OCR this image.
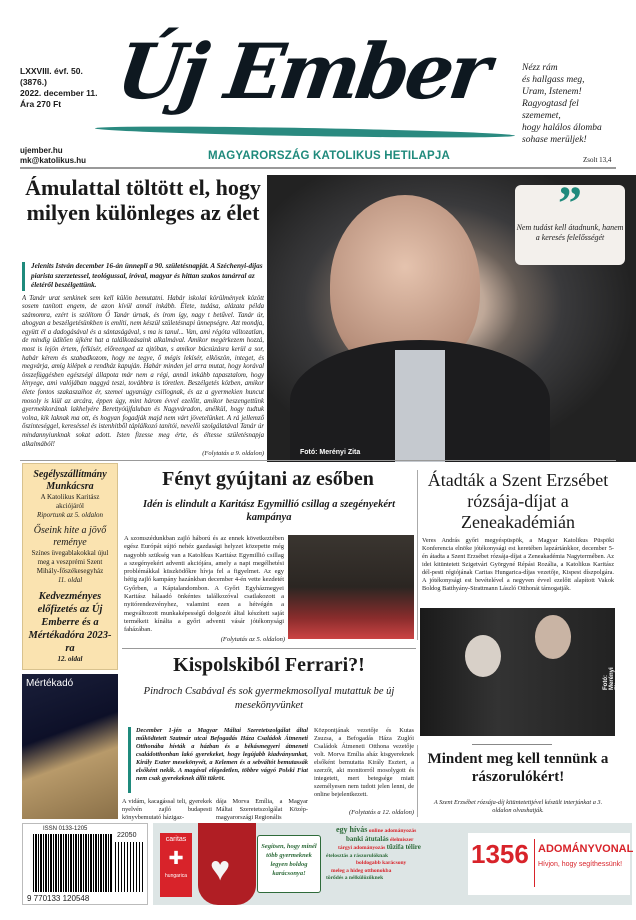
LXXVIII. évf. 50.
(3876.)
2022. december 11.
Ára 270 Ft
ujember.hu
mk@katolikus.hu
Új Ember
MAGYARORSZÁG KATOLIKUS HETILAPJA
Nézz rám
és hallgass meg,
Uram, Istenem!
Ragyogtasd fel
szememet,
hogy halálos álomba
sohase merüljek!
Zsolt 13,4
Ámulattal töltött el, hogy milyen különleges az élet	”
Nem tudást kell átadnunk, hanem a keresés felelősségét
Fotó: Merényi Zita
Jelenits István december 16-án ünnepli a 90. születésnapját. A Széchenyi-díjas piarista szerzetessel, teológussal, íróval, magyar és hittan szakos tanárral az életéről beszélgettünk.
A Tanár urat senkinek sem kell külön bemutatni. Habár iskolai körülmények között sosem tanított engem, de azon kívül annál inkább. Élete, tudása, alázata példa számomra, ezért is szólítom Ő Tanár úrnak, és írom így, nagy t betűvel. Tanár úr, ahogyan a beszélgetésünkben is említi, nem készül születésnapi ünnepségre. Azt mondja, együtt él a dadogásával és a sántaságával, s ma is tanul... Van, ami régóta változatlan, de mindig üdítően újként hat a találkozásaink alkalmával. Amikor megérkezem hozzá, most is lejön értem, felkísér, előreenged az ajtóban, s amikor búcsúzásra kerül a sor, habár kérem és szabadkozom, hogy ne tegye, ő mégis lekísér, elköszön, integet, és megvárja, amíg kilépek a rendház kapuján. Habár minden jel arra mutat, hogy korával összefüggésben egészségi állapota már nem a régi, annál inkább tapasztalom, hogy lényege, ami valójában naggyá teszi, továbbra is töretlen. Beszélgetés közben, amikor élete fontos szakaszaihoz ér, szemei ugyanúgy csillognak, és az a gyermekien huncut mosoly is kiül az arcára, éppen úgy, mint három évvel ezelőtt, amikor beszengettünk gyermekkorának lakhelyére Berettyóújfaluban és Nagyváradon, anélkül, hogy tudtuk volna, kik laknak ma ott, és hogyan fogadják majd nem várt jövetelünket. A rá jellemző őszinteséggel, kereséssel és istenhitből táplálkozó tanítói, nevelői szolgálatával Tanár úr mindannyiunknak sokat adott. Isten fizesse meg érte, és éltesse születésnapja alkalmából!
(Folytatás a 9. oldalon)
Segélyszállítmány Munkácsra
A Katolikus Karitász akciójáról
Riportunk az 5. oldalon
Őseink hite a jövő reménye
Színes üvegablakokkal újul meg a veszprémi Szent Mihály-főszékesegyház
11. oldal
Kedvezményes előfizetés az Új Emberre és a Mértékadóra 2023-ra
12. oldal
Mértékadó
Fényt gyújtani az esőben
Idén is elindult a Karitász Egymillió csillag a szegényekért kampánya
A szomszédunkban zajló háború és az ennek következtében egész Európát sújtó nehéz gazdasági helyzet közepette még nagyobb szükség van a Katolikus Karitász Egymillió csillag a szegényekért adventi akciójára, amely a napi megélhetési problémákkal küszködőkre hívja fel a figyelmet. Az egy hétig zajló kampány hazánkban december 4-én vette kezdetét Győrben, a Káptalandombon. A Győri Egyházmegyei Karitász hálaadó önkéntes találkozóval csatlakozott a nyitórendezvényhez, valamint ezen a hétvégén a megváltozott munkaképességű dolgozói által készített saját termékeit kínálta a győri adventi vásár jótékonysági faházában.
(Folytatás az 5. oldalon)
Átadták a Szent Erzsébet rózsája-díjat a Zeneakadémián
Veres András győri megyéspüspök, a Magyar Katolikus Püspöki Konferencia elnöke jótékonysági est keretében lapzártánkkor, december 5-én átadta a Szent Erzsébet rózsája-díjat a Zeneakadémia Nagytermében. Az idei kitüntetett Szigetvári Györgyné Répási Rozália, a Katolikus Karitász dél-pesti régiójának Caritas Hungarica-díjas vezetője, Kispest díszpolgára. A jótékonysági est bevételével a negyven évvel ezelőtt alapított Vakok Boldog Batthyány-Strattmann László Otthonát támogatják.
Fotó: Merényi Zita
Mindent meg kell tennünk a rászorulókért!
A Szent Erzsébet rózsája-díj kitüntetettjével készült interjúnkat a 3. oldalon olvashatják.
Kispolskiból Ferrari?!
Pindroch Csabával és sok gyermekmosollyal mutattuk be új mesekönyvünket
December 1-jén a Magyar Máltai Szeretetszolgálat által működtetett Szatmár utcai Befogadás Háza Családok Átmeneti Otthonába hívták a házban és a békásmegyeri átmeneti családotthonban lakó gyerekeket, hogy legújabb kiadványunkat, Király Eszter mesekönyvét, a Kelemen és a sebváltót bemutassák elsőként nekik. A magával elégedetlen, többre vágyó Polski Fiat nem csak gyerekeknek állít tükröt.
A vidám, kacagással teli, gyerekek nyelvén zajló budapesti könyvbemutató házigaz-
dája Morva Emília, a Magyar Máltai Szeretetszolgálat Közép-magyarországi Regionális
Központjának vezetője és Kutas Zsuzsa, a Befogadás Háza Zuglói Családok Átmeneti Otthona vezetője volt. Morva Emília aház kisgyereknek elsőként bemutatta Király Esztert, a szerzőt, aki monitorról mosolygott és integetett, mert betegsége miatt személyesen nem tudott jelen lenni, de online bejelentkezett.
(Folytatás a 12. oldalon)
ISSN 0133-1205
22050
9 770133 120548
caritas
✚
hungarica ♥
Segítsen, hogy minél több gyermeknek legyen boldog karácsonya!
egy hívás online adományozás
banki átutalás élelmiszer
tárgyi adományozás tűzifa télire
ételosztás a rászorulóknak
boldogabb karácsony
meleg a hideg otthonokba
törődés a nélkülözőknek
1356 ADOMÁNYVONAL
Hívjon, hogy segíthessünk!
